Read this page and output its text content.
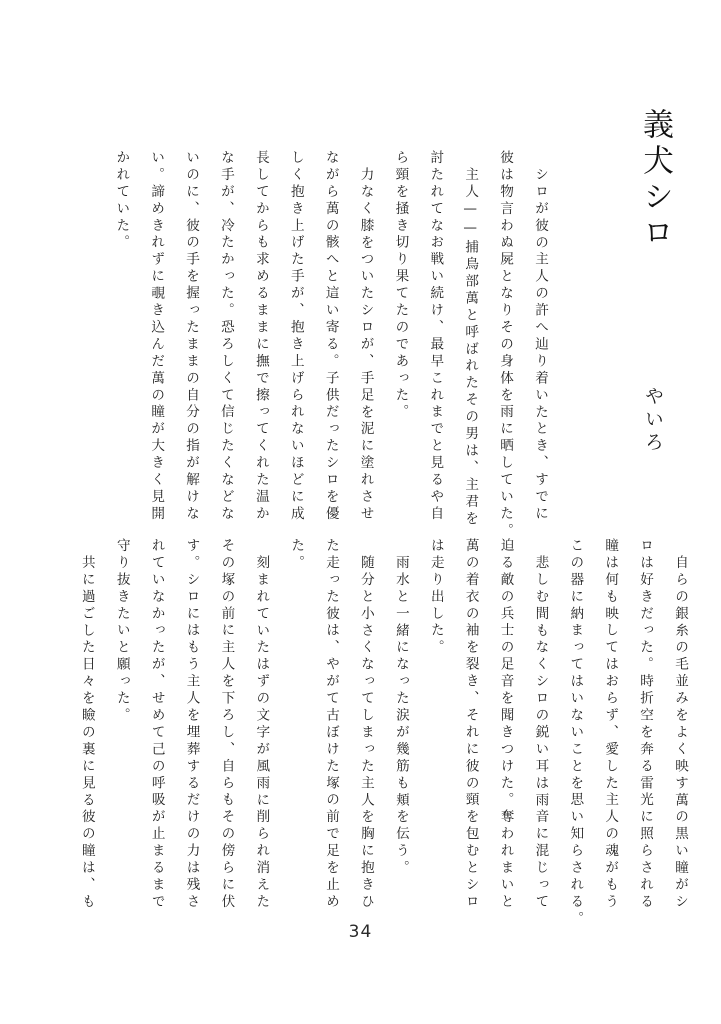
義犬シロ
やいろ
シロが彼の主人の許へ辿り着いたとき、すでに
彼は物言わぬ屍となりその身体を雨に晒していた。
主人——捕鳥部萬と呼ばれたその男は、主君を
討たれてなお戦い続け、最早これまでと見るや自
ら頸を掻き切り果てたのであった。
力なく膝をついたシロが、手足を泥に塗れさせ
ながら萬の骸へと這い寄る。子供だったシロを優
しく抱き上げた手が、抱き上げられないほどに成
長してからも求めるままに撫で擦ってくれた温か
な手が、冷たかった。恐ろしくて信じたくなどな
いのに、彼の手を握ったままの自分の指が解けな
い。諦めきれずに覗き込んだ萬の瞳が大きく見開
かれていた。
自らの銀糸の毛並みをよく映す萬の黒い瞳がシ
ロは好きだった。時折空を奔る雷光に照らされる
瞳は何も映してはおらず、愛した主人の魂がもう
この器に納まってはいないことを思い知らされる。
悲しむ間もなくシロの鋭い耳は雨音に混じって
迫る敵の兵士の足音を聞きつけた。奪われまいと
萬の着衣の袖を裂き、それに彼の頸を包むとシロ
は走り出した。
雨水と一緒になった涙が幾筋も頬を伝う。
随分と小さくなってしまった主人を胸に抱きひ
た走った彼は、やがて古ぼけた塚の前で足を止め
た。
刻まれていたはずの文字が風雨に削られ消えた
その塚の前に主人を下ろし、自らもその傍らに伏
す。シロにはもう主人を埋葬するだけの力は残さ
れていなかったが、せめて己の呼吸が止まるまで
守り抜きたいと願った。
共に過ごした日々を瞼の裏に見る彼の瞳は、も
34
